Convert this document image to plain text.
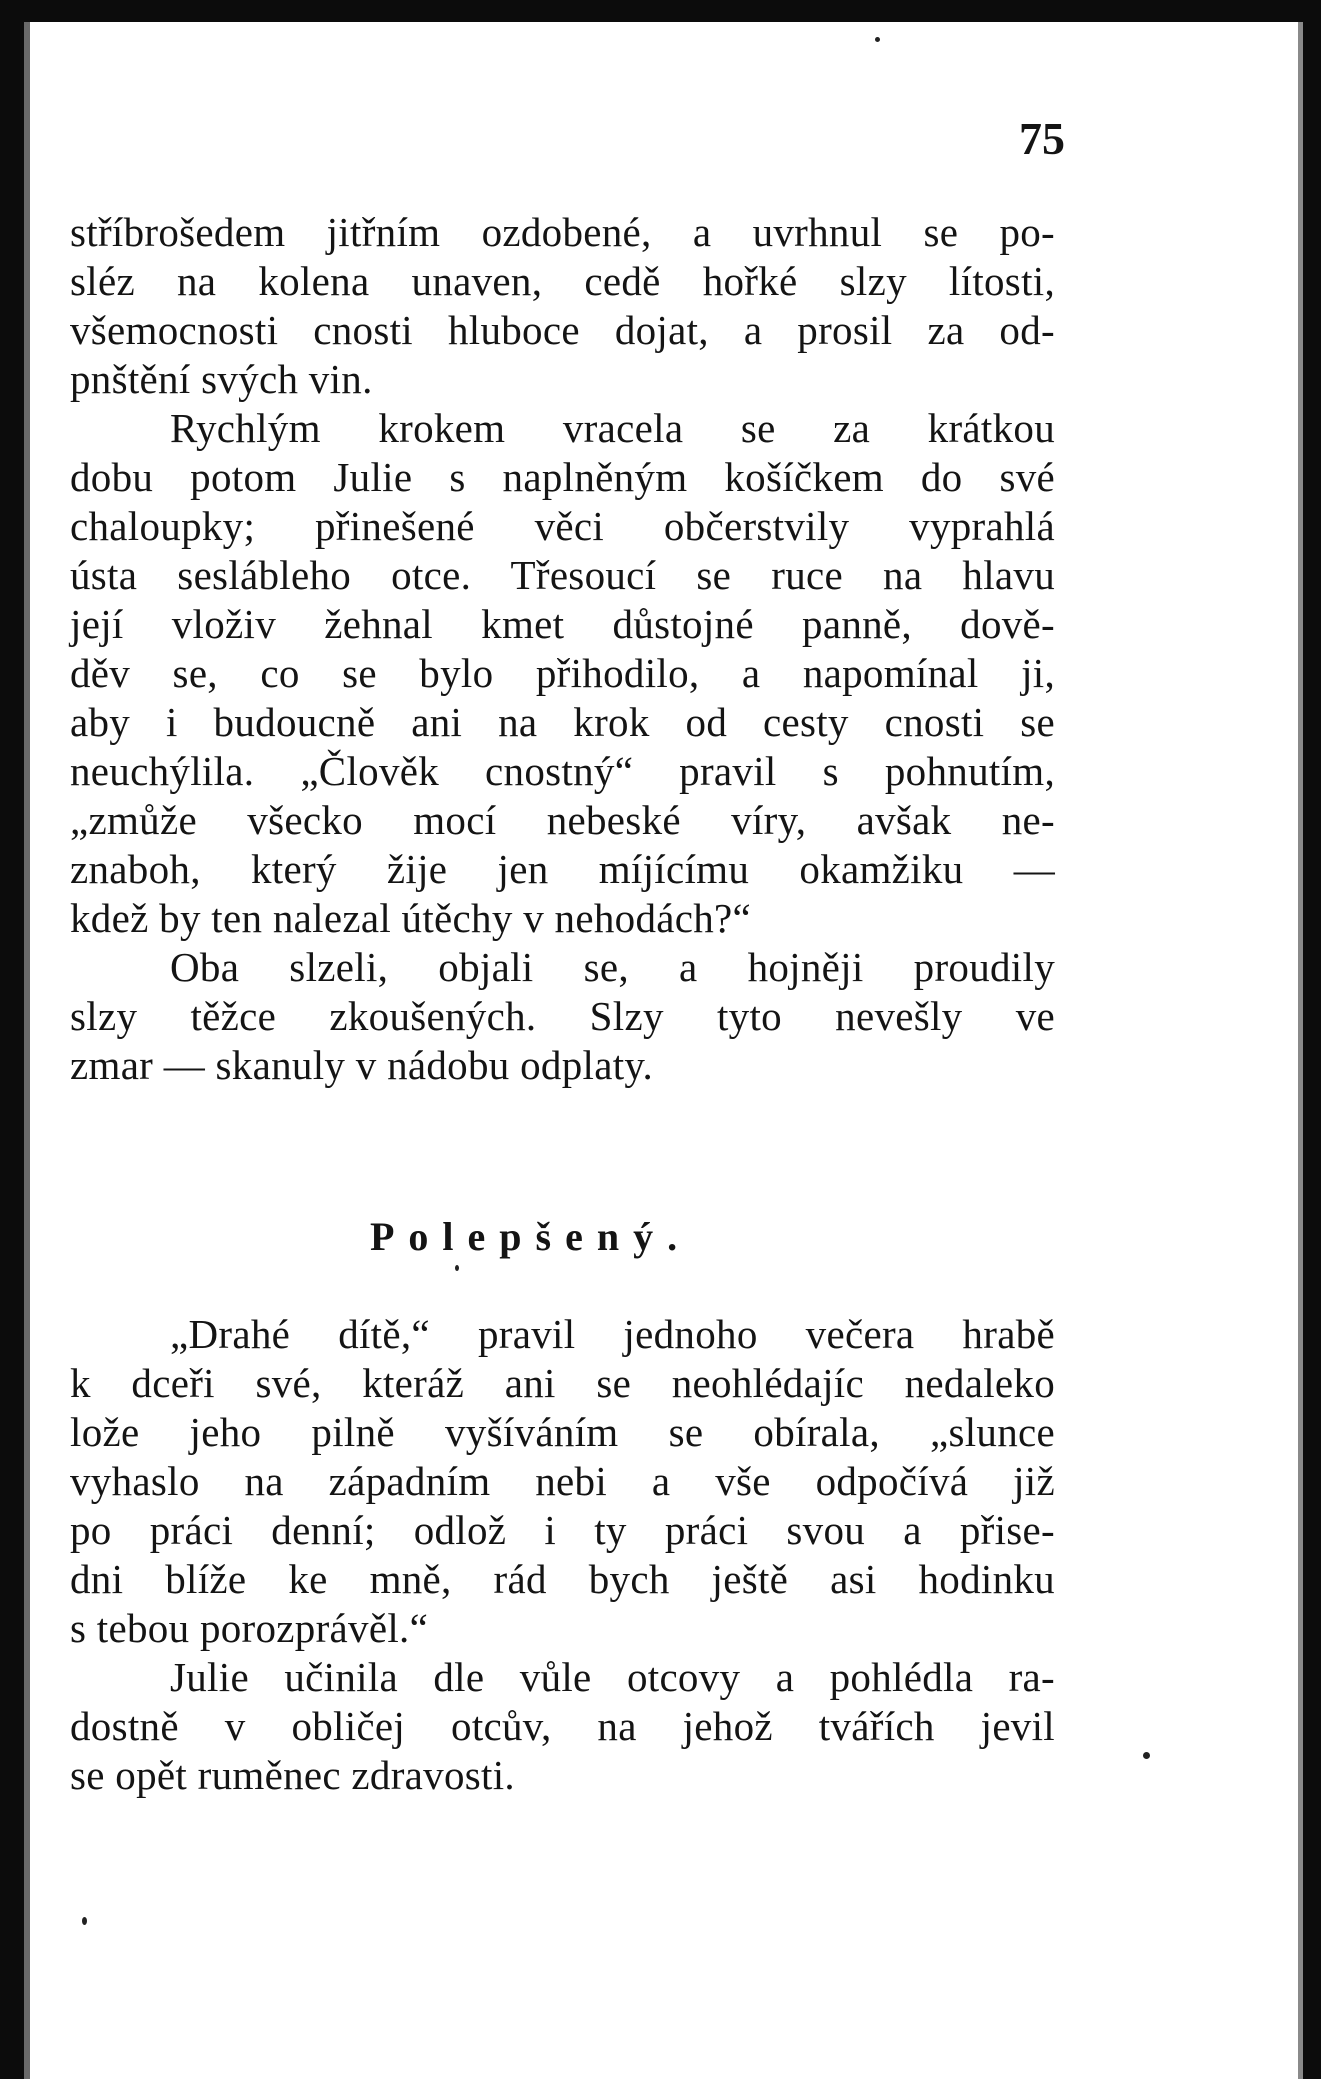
75
stříbrošedem jitřním ozdobené, a uvrhnul se po-
sléz na kolena unaven, cedě hořké slzy lítosti,
všemocnosti cnosti hluboce dojat, a prosil za od-
pnštění svých vin.
Rychlým krokem vracela se za krátkou
dobu potom Julie s naplněným košíčkem do své
chaloupky; přinešené věci občerstvily vyprahlá
ústa seslábleho otce. Třesoucí se ruce na hlavu
její vloživ žehnal kmet důstojné panně, dově-
děv se, co se bylo přihodilo, a napomínal ji,
aby i budoucně ani na krok od cesty cnosti se
neuchýlila. „Člověk cnostný“ pravil s pohnutím,
„zmůže všecko mocí nebeské víry, avšak ne-
znaboh, který žije jen míjícímu okamžiku —
kdež by ten nalezal útěchy v nehodách?“
Oba slzeli, objali se, a hojněji proudily
slzy těžce zkoušených. Slzy tyto nevešly ve
zmar — skanuly v nádobu odplaty.
Polepšený.
„Drahé dítě,“ pravil jednoho večera hrabě
k dceři své, kteráž ani se neohlédajíc nedaleko
lože jeho pilně vyšíváním se obírala, „slunce
vyhaslo na západním nebi a vše odpočívá již
po práci denní; odlož i ty práci svou a přise-
dni blíže ke mně, rád bych ještě asi hodinku
s tebou porozprávěl.“
Julie učinila dle vůle otcovy a pohlédla ra-
dostně v obličej otcův, na jehož tvářích jevil
se opět ruměnec zdravosti.
